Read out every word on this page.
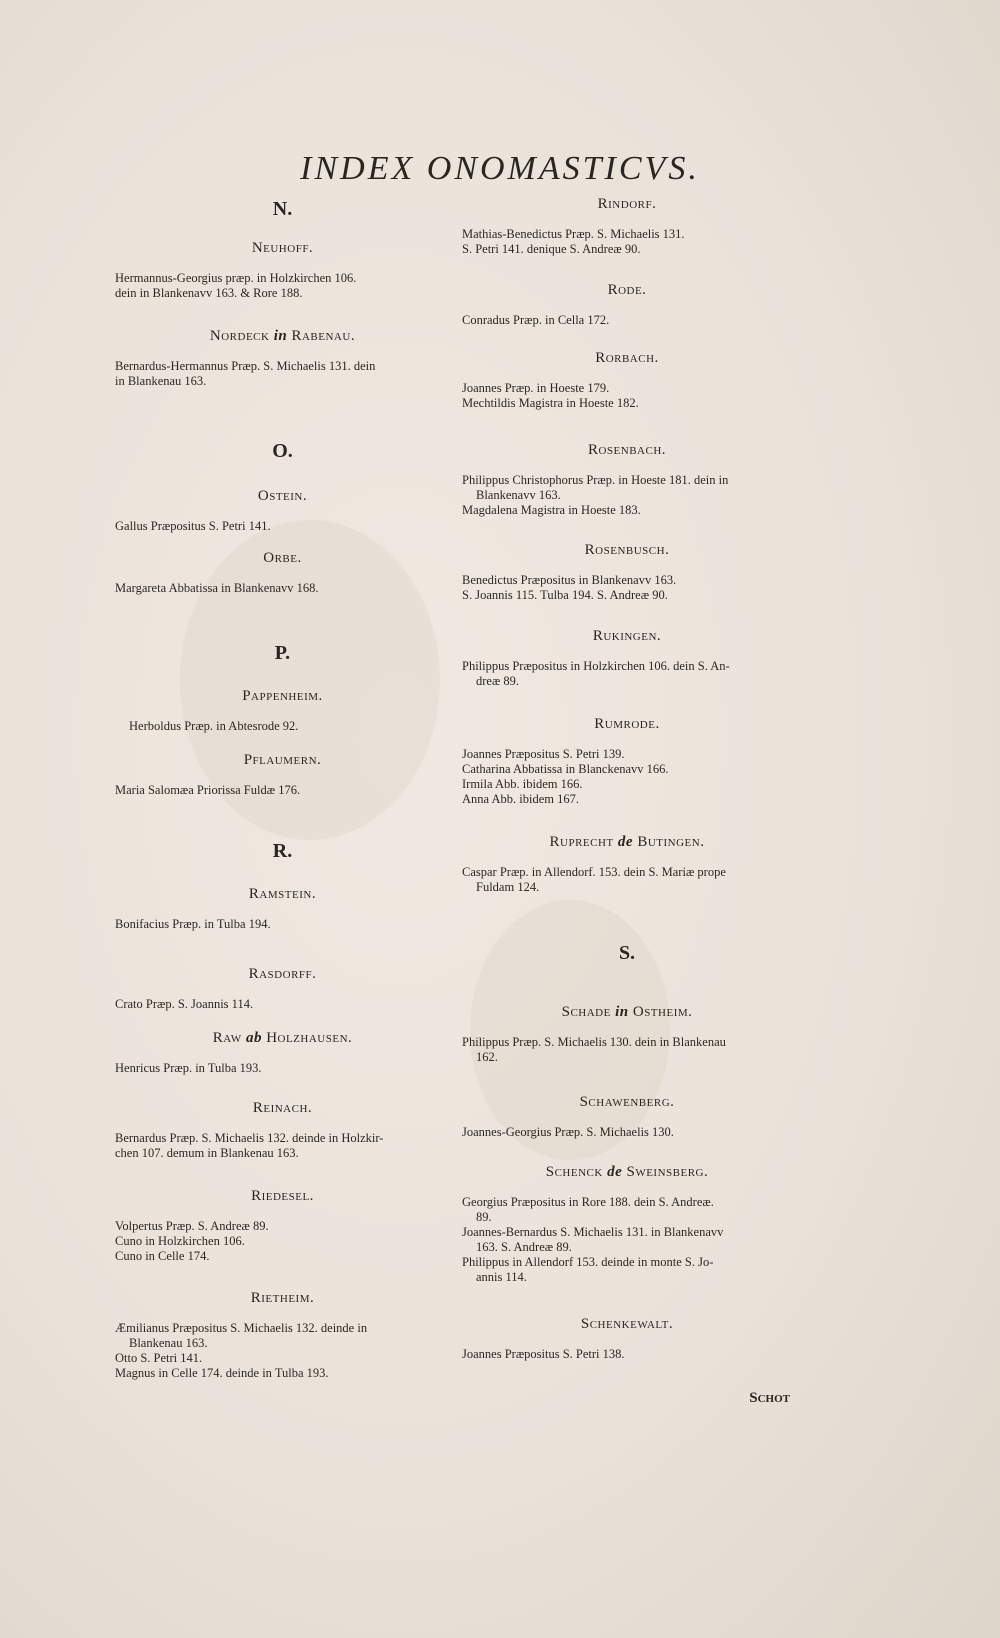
INDEX ONOMASTICVS.
N.
Neuhoff.
Hermannus-Georgius præp. in Holzkirchen 106.
dein in Blankenavv 163. & Rore 188.
Nordeck in Rabenau.
Bernardus-Hermannus Præp. S. Michaelis 131. dein
in Blankenau 163.
O.
Ostein.
Gallus Præpositus S. Petri 141.
Orbe.
Margareta Abbatissa in Blankenavv 168.
P.
Pappenheim.
Herboldus Præp. in Abtesrode 92.
Pflaumern.
Maria Salomæa Priorissa Fuldæ 176.
R.
Ramstein.
Bonifacius Præp. in Tulba 194.
Rasdorff.
Crato Præp. S. Joannis 114.
Raw ab Holzhausen.
Henricus Præp. in Tulba 193.
Reinach.
Bernardus Præp. S. Michaelis 132. deinde in Holzkir-
chen 107. demum in Blankenau 163.
Riedesel.
Volpertus Præp. S. Andreæ 89.
Cuno in Holzkirchen 106.
Cuno in Celle 174.
Rietheim.
Æmilianus Præpositus S. Michaelis 132. deinde in
Blankenau 163.
Otto S. Petri 141.
Magnus in Celle 174. deinde in Tulba 193.
Rindorf.
Mathias-Benedictus Præp. S. Michaelis 131.
S. Petri 141. denique S. Andreæ 90.
Rode.
Conradus Præp. in Cella 172.
Rorbach.
Joannes Præp. in Hoeste 179.
Mechtildis Magistra in Hoeste 182.
Rosenbach.
Philippus Christophorus Præp. in Hoeste 181. dein in
Blankenavv 163.
Magdalena Magistra in Hoeste 183.
Rosenbusch.
Benedictus Præpositus in Blankenavv 163.
S. Joannis 115. Tulba 194. S. Andreæ 90.
Rukingen.
Philippus Præpositus in Holzkirchen 106. dein S. An-
dreæ 89.
Rumrode.
Joannes Præpositus S. Petri 139.
Catharina Abbatissa in Blanckenavv 166.
Irmila Abb. ibidem 166.
Anna Abb. ibidem 167.
Ruprecht de Butingen.
Caspar Præp. in Allendorf. 153. dein S. Mariæ prope
Fuldam 124.
S.
Schade in Ostheim.
Philippus Præp. S. Michaelis 130. dein in Blankenau
162.
Schawenberg.
Joannes-Georgius Præp. S. Michaelis 130.
Schenck de Sweinsberg.
Georgius Præpositus in Rore 188. dein S. Andreæ.
89.
Joannes-Bernardus S. Michaelis 131. in Blankenavv
163. S. Andreæ 89.
Philippus in Allendorf 153. deinde in monte S. Jo-
annis 114.
Schenkewalt.
Joannes Præpositus S. Petri 138.
Schot
